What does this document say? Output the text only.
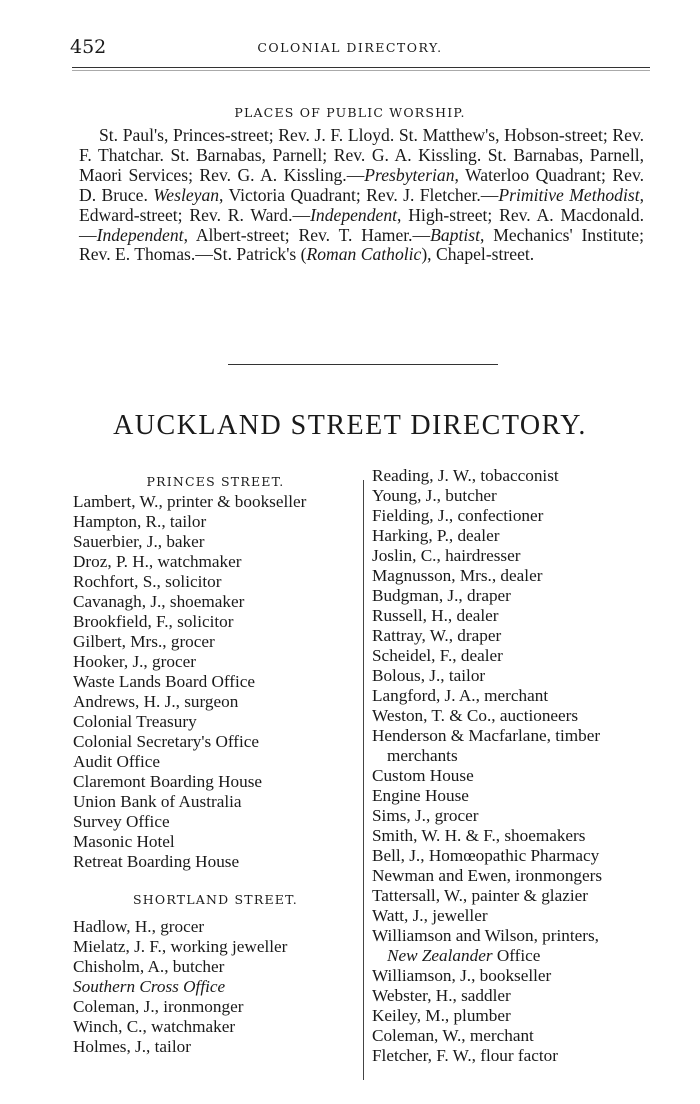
452	COLONIAL DIRECTORY.
PLACES OF PUBLIC WORSHIP.
St. Paul's, Princes-street; Rev. J. F. Lloyd. St. Matthew's, Hobson-street; Rev. F. Thatchar. St. Barnabas, Parnell; Rev. G. A. Kissling. St. Barnabas, Parnell, Maori Services; Rev. G. A. Kissling.—Presbyterian, Waterloo Quadrant; Rev. D. Bruce. Wesleyan, Victoria Quadrant; Rev. J. Fletcher.—Primitive Methodist, Edward-street; Rev. R. Ward.—Independent, High-street; Rev. A. Macdonald.—Independent, Albert-street; Rev. T. Hamer.—Baptist, Mechanics' Institute; Rev. E. Thomas.—St. Patrick's (Roman Catholic), Chapel-street.
AUCKLAND STREET DIRECTORY.
PRINCES STREET.
Lambert, W., printer & bookseller
Hampton, R., tailor
Sauerbier, J., baker
Droz, P. H., watchmaker
Rochfort, S., solicitor
Cavanagh, J., shoemaker
Brookfield, F., solicitor
Gilbert, Mrs., grocer
Hooker, J., grocer
Waste Lands Board Office
Andrews, H. J., surgeon
Colonial Treasury
Colonial Secretary's Office
Audit Office
Claremont Boarding House
Union Bank of Australia
Survey Office
Masonic Hotel
Retreat Boarding House
SHORTLAND STREET.
Hadlow, H., grocer
Mielatz, J. F., working jeweller
Chisholm, A., butcher
Southern Cross Office
Coleman, J., ironmonger
Winch, C., watchmaker
Holmes, J., tailor
Reading, J. W., tobacconist
Young, J., butcher
Fielding, J., confectioner
Harking, P., dealer
Joslin, C., hairdresser
Magnusson, Mrs., dealer
Budgman, J., draper
Russell, H., dealer
Rattray, W., draper
Scheidel, F., dealer
Bolous, J., tailor
Langford, J. A., merchant
Weston, T. & Co., auctioneers
Henderson & Macfarlane, timber
merchants
Custom House
Engine House
Sims, J., grocer
Smith, W. H. & F., shoemakers
Bell, J., Homœopathic Pharmacy
Newman and Ewen, ironmongers
Tattersall, W., painter & glazier
Watt, J., jeweller
Williamson and Wilson, printers,
New Zealander Office
Williamson, J., bookseller
Webster, H., saddler
Keiley, M., plumber
Coleman, W., merchant
Fletcher, F. W., flour factor
